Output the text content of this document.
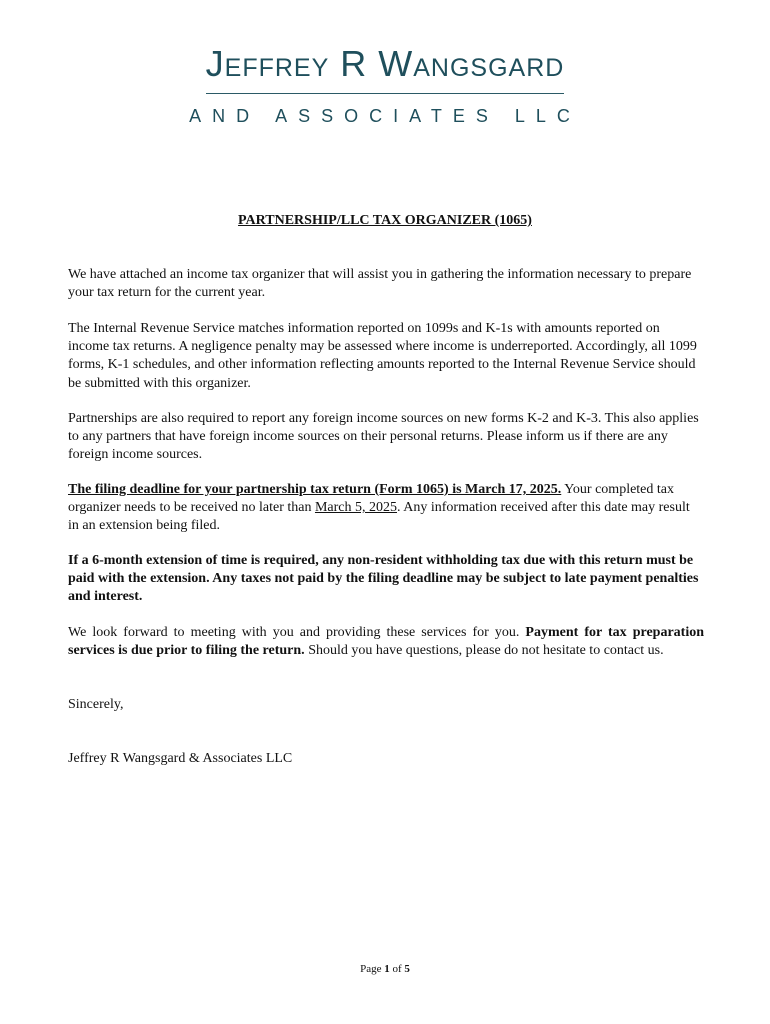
Jeffrey R Wangsgard
AND ASSOCIATES LLC
PARTNERSHIP/LLC TAX ORGANIZER (1065)

We have attached an income tax organizer that will assist you in gathering the information necessary to prepare your tax return for the current year.

The Internal Revenue Service matches information reported on 1099s and K-1s with amounts reported on income tax returns. A negligence penalty may be assessed where income is underreported. Accordingly, all 1099 forms, K-1 schedules, and other information reflecting amounts reported to the Internal Revenue Service should be submitted with this organizer.

Partnerships are also required to report any foreign income sources on new forms K-2 and K-3. This also applies to any partners that have foreign income sources on their personal returns. Please inform us if there are any foreign income sources.

The filing deadline for your partnership tax return (Form 1065) is March 17, 2025. Your completed tax organizer needs to be received no later than March 5, 2025. Any information received after this date may result in an extension being filed.

If a 6-month extension of time is required, any non-resident withholding tax due with this return must be paid with the extension. Any taxes not paid by the filing deadline may be subject to late payment penalties and interest.

We look forward to meeting with you and providing these services for you. Payment for tax preparation services is due prior to filing the return. Should you have questions, please do not hesitate to contact us.

Sincerely,

Jeffrey R Wangsgard & Associates LLC

Page 1 of 5
